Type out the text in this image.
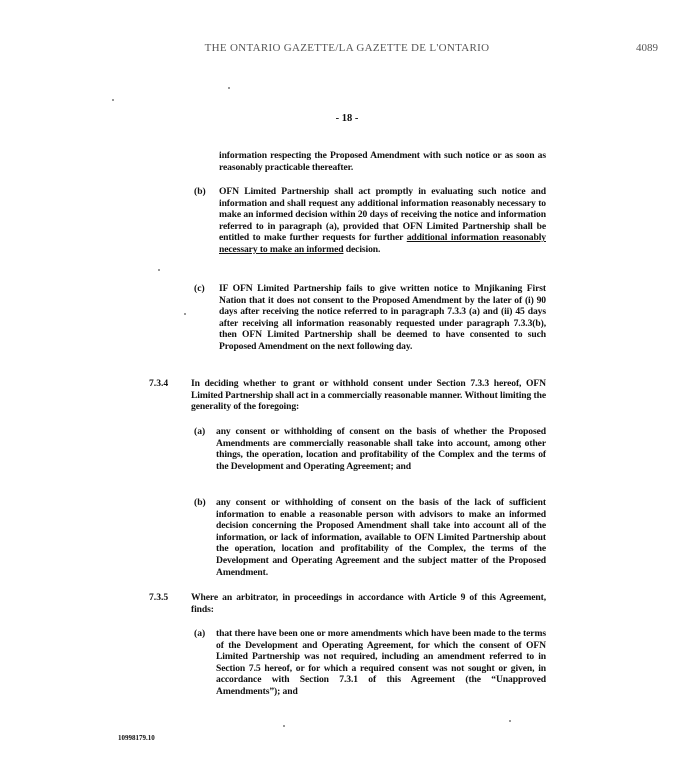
THE ONTARIO GAZETTE/LA GAZETTE DE L'ONTARIO	4089
- 18 -
information respecting the Proposed Amendment with such notice or as soon as reasonably practicable thereafter.
(b) OFN Limited Partnership shall act promptly in evaluating such notice and information and shall request any additional information reasonably necessary to make an informed decision within 20 days of receiving the notice and information referred to in paragraph (a), provided that OFN Limited Partnership shall be entitled to make further requests for further additional information reasonably necessary to make an informed decision.
(c) IF OFN Limited Partnership fails to give written notice to Mnjikaning First Nation that it does not consent to the Proposed Amendment by the later of (i) 90 days after receiving the notice referred to in paragraph 7.3.3 (a) and (ii) 45 days after receiving all information reasonably requested under paragraph 7.3.3(b), then OFN Limited Partnership shall be deemed to have consented to such Proposed Amendment on the next following day.
7.3.4 In deciding whether to grant or withhold consent under Section 7.3.3 hereof, OFN Limited Partnership shall act in a commercially reasonable manner. Without limiting the generality of the foregoing:
(a) any consent or withholding of consent on the basis of whether the Proposed Amendments are commercially reasonable shall take into account, among other things, the operation, location and profitability of the Complex and the terms of the Development and Operating Agreement; and
(b) any consent or withholding of consent on the basis of the lack of sufficient information to enable a reasonable person with advisors to make an informed decision concerning the Proposed Amendment shall take into account all of the information, or lack of information, available to OFN Limited Partnership about the operation, location and profitability of the Complex, the terms of the Development and Operating Agreement and the subject matter of the Proposed Amendment.
7.3.5 Where an arbitrator, in proceedings in accordance with Article 9 of this Agreement, finds:
(a) that there have been one or more amendments which have been made to the terms of the Development and Operating Agreement, for which the consent of OFN Limited Partnership was not required, including an amendment referred to in Section 7.5 hereof, or for which a required consent was not sought or given, in accordance with Section 7.3.1 of this Agreement (the “Unapproved Amendments”); and
10998179.10
